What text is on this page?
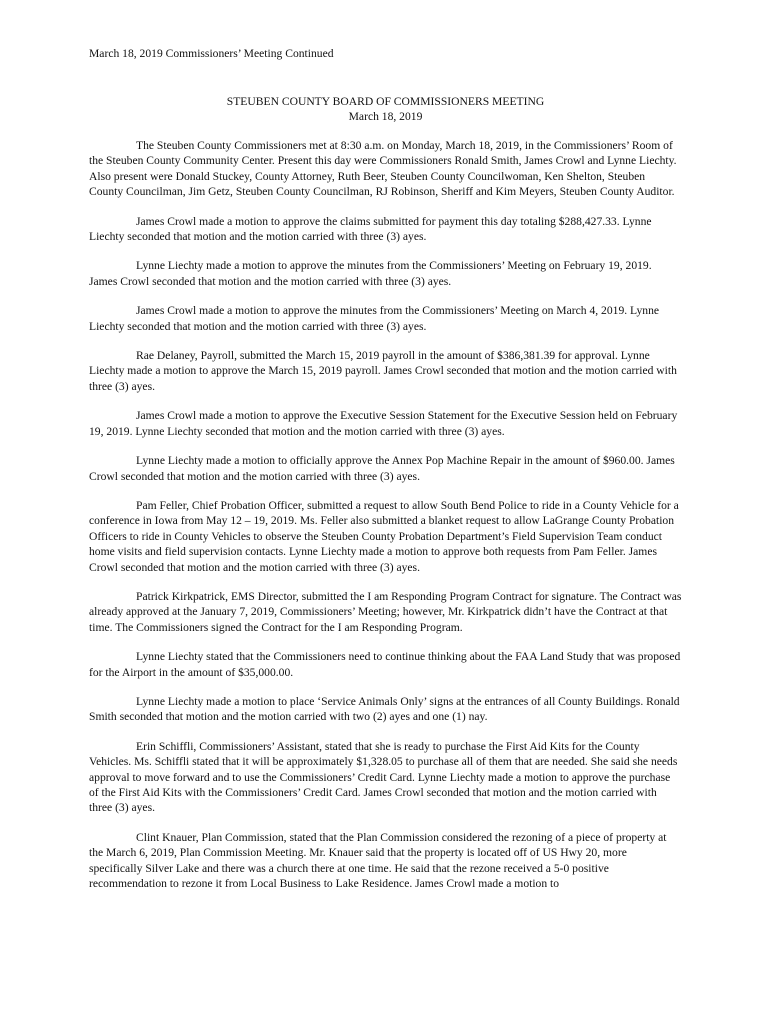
March 18, 2019 Commissioners’ Meeting Continued
STEUBEN COUNTY BOARD OF COMMISSIONERS MEETING
March 18, 2019

The Steuben County Commissioners met at 8:30 a.m. on Monday, March 18, 2019, in the Commissioners’ Room of the Steuben County Community Center. Present this day were Commissioners Ronald Smith, James Crowl and Lynne Liechty. Also present were Donald Stuckey, County Attorney, Ruth Beer, Steuben County Councilwoman, Ken Shelton, Steuben County Councilman, Jim Getz, Steuben County Councilman, RJ Robinson, Sheriff and Kim Meyers, Steuben County Auditor.

James Crowl made a motion to approve the claims submitted for payment this day totaling $288,427.33. Lynne Liechty seconded that motion and the motion carried with three (3) ayes.

Lynne Liechty made a motion to approve the minutes from the Commissioners’ Meeting on February 19, 2019. James Crowl seconded that motion and the motion carried with three (3) ayes.

James Crowl made a motion to approve the minutes from the Commissioners’ Meeting on March 4, 2019. Lynne Liechty seconded that motion and the motion carried with three (3) ayes.

Rae Delaney, Payroll, submitted the March 15, 2019 payroll in the amount of $386,381.39 for approval. Lynne Liechty made a motion to approve the March 15, 2019 payroll. James Crowl seconded that motion and the motion carried with three (3) ayes.

James Crowl made a motion to approve the Executive Session Statement for the Executive Session held on February 19, 2019. Lynne Liechty seconded that motion and the motion carried with three (3) ayes.

Lynne Liechty made a motion to officially approve the Annex Pop Machine Repair in the amount of $960.00. James Crowl seconded that motion and the motion carried with three (3) ayes.

Pam Feller, Chief Probation Officer, submitted a request to allow South Bend Police to ride in a County Vehicle for a conference in Iowa from May 12 – 19, 2019. Ms. Feller also submitted a blanket request to allow LaGrange County Probation Officers to ride in County Vehicles to observe the Steuben County Probation Department’s Field Supervision Team conduct home visits and field supervision contacts. Lynne Liechty made a motion to approve both requests from Pam Feller. James Crowl seconded that motion and the motion carried with three (3) ayes.

Patrick Kirkpatrick, EMS Director, submitted the I am Responding Program Contract for signature. The Contract was already approved at the January 7, 2019, Commissioners’ Meeting; however, Mr. Kirkpatrick didn’t have the Contract at that time. The Commissioners signed the Contract for the I am Responding Program.

Lynne Liechty stated that the Commissioners need to continue thinking about the FAA Land Study that was proposed for the Airport in the amount of $35,000.00.

Lynne Liechty made a motion to place ‘Service Animals Only’ signs at the entrances of all County Buildings. Ronald Smith seconded that motion and the motion carried with two (2) ayes and one (1) nay.

Erin Schiffli, Commissioners’ Assistant, stated that she is ready to purchase the First Aid Kits for the County Vehicles. Ms. Schiffli stated that it will be approximately $1,328.05 to purchase all of them that are needed. She said she needs approval to move forward and to use the Commissioners’ Credit Card. Lynne Liechty made a motion to approve the purchase of the First Aid Kits with the Commissioners’ Credit Card. James Crowl seconded that motion and the motion carried with three (3) ayes.

Clint Knauer, Plan Commission, stated that the Plan Commission considered the rezoning of a piece of property at the March 6, 2019, Plan Commission Meeting. Mr. Knauer said that the property is located off of US Hwy 20, more specifically Silver Lake and there was a church there at one time. He said that the rezone received a 5-0 positive recommendation to rezone it from Local Business to Lake Residence. James Crowl made a motion to
